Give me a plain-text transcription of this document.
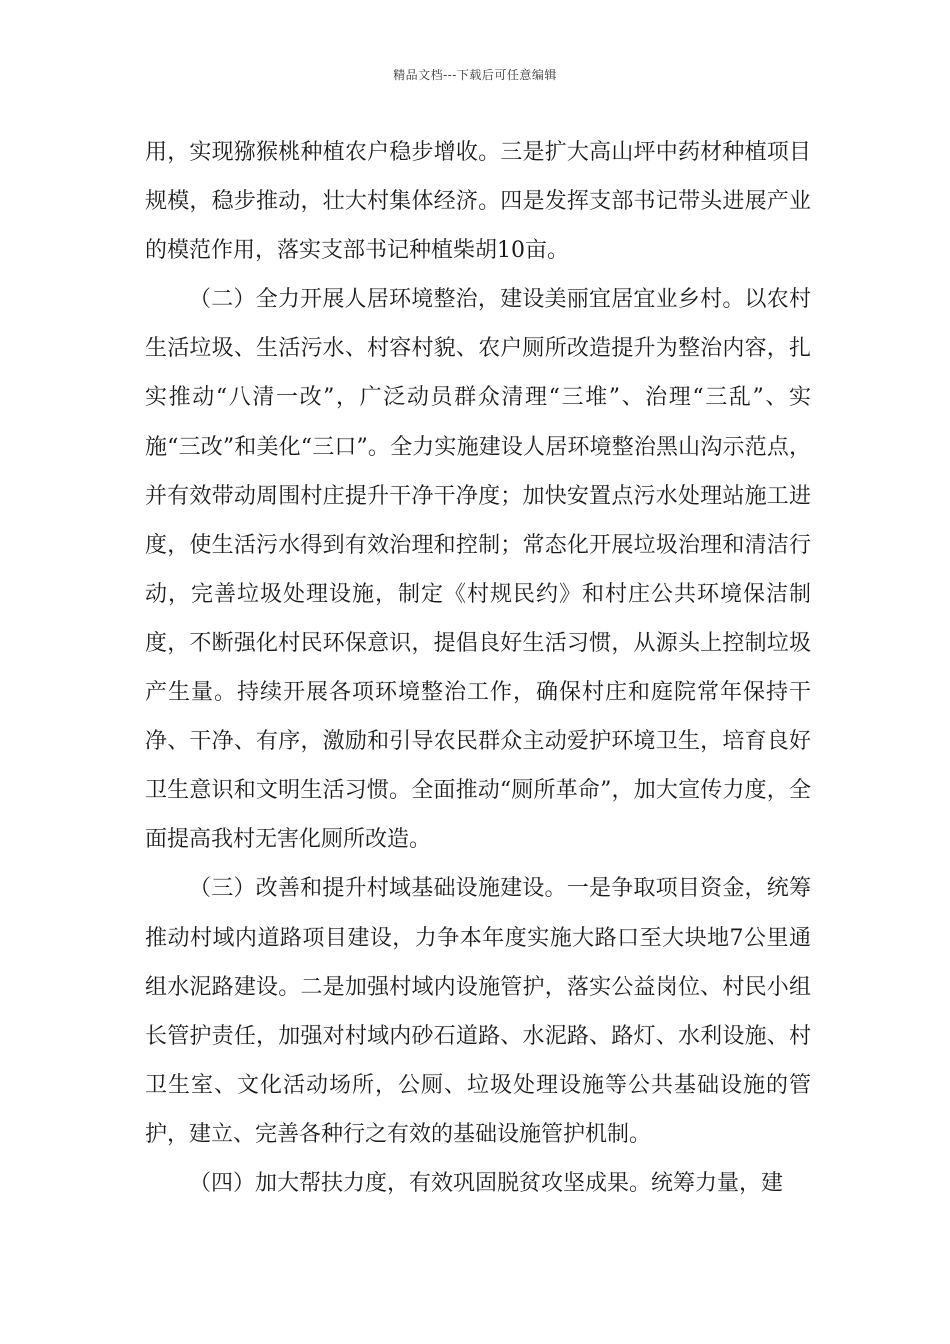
精品文档---下载后可任意编辑

用，实现猕猴桃种植农户稳步增收。三是扩大高山坪中药材种植项目规模，稳步推动，壮大村集体经济。四是发挥支部书记带头进展产业的模范作用，落实支部书记种植柴胡10亩。

（二）全力开展人居环境整治，建设美丽宜居宜业乡村。以农村生活垃圾、生活污水、村容村貌、农户厕所改造提升为整治内容，扎实推动“八清一改”，广泛动员群众清理“三堆”、治理“三乱”、实施“三改”和美化“三口”。全力实施建设人居环境整治黑山沟示范点，并有效带动周围村庄提升干净干净度；加快安置点污水处理站施工进度，使生活污水得到有效治理和控制；常态化开展垃圾治理和清洁行动，完善垃圾处理设施，制定《村规民约》和村庄公共环境保洁制度，不断强化村民环保意识，提倡良好生活习惯，从源头上控制垃圾产生量。持续开展各项环境整治工作，确保村庄和庭院常年保持干净、干净、有序，激励和引导农民群众主动爱护环境卫生，培育良好卫生意识和文明生活习惯。全面推动“厕所革命”，加大宣传力度，全面提高我村无害化厕所改造。

（三）改善和提升村域基础设施建设。一是争取项目资金，统筹推动村域内道路项目建设，力争本年度实施大路口至大块地7公里通组水泥路建设。二是加强村域内设施管护，落实公益岗位、村民小组长管护责任，加强对村域内砂石道路、水泥路、路灯、水利设施、村卫生室、文化活动场所，公厕、垃圾处理设施等公共基础设施的管护，建立、完善各种行之有效的基础设施管护机制。

（四）加大帮扶力度，有效巩固脱贫攻坚成果。统筹力量，建
